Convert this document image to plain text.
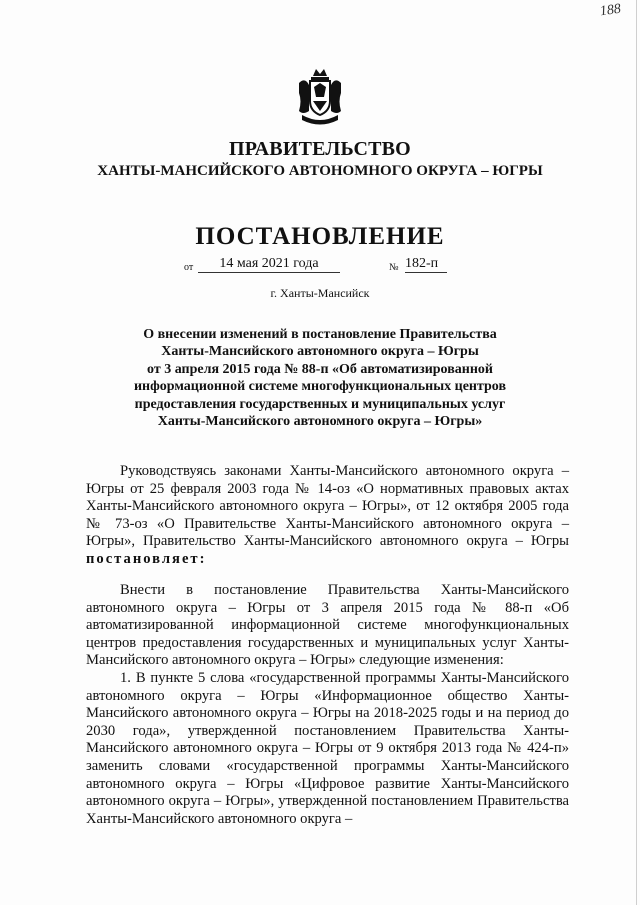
188
ПРАВИТЕЛЬСТВО
ХАНТЫ-МАНСИЙСКОГО АВТОНОМНОГО ОКРУГА – ЮГРЫ
ПОСТАНОВЛЕНИЕ
от	14 мая 2021 года	№ 182-п
г. Ханты-Мансийск
О внесении изменений в постановление Правительства
Ханты-Мансийского автономного округа – Югры
от 3 апреля 2015 года № 88-п «Об автоматизированной
информационной системе многофункциональных центров
предоставления государственных и муниципальных услуг
Ханты-Мансийского автономного округа – Югры»

Руководствуясь законами Ханты-Мансийского автономного округа – Югры от 25 февраля 2003 года № 14-оз «О нормативных правовых актах Ханты-Мансийского автономного округа – Югры», от 12 октября 2005 года № 73-оз «О Правительстве Ханты-Мансийского автономного округа – Югры», Правительство Ханты-Мансийского автономного округа – Югры постановляет:

Внести в постановление Правительства Ханты-Мансийского автономного округа – Югры от 3 апреля 2015 года № 88-п «Об автоматизированной информационной системе многофункциональных центров предоставления государственных и муниципальных услуг Ханты-Мансийского автономного округа – Югры» следующие изменения:

1. В пункте 5 слова «государственной программы Ханты-Мансийского автономного округа – Югры «Информационное общество Ханты-Мансийского автономного округа – Югры на 2018-2025 годы и на период до 2030 года», утвержденной постановлением Правительства Ханты-Мансийского автономного округа – Югры от 9 октября 2013 года № 424-п» заменить словами «государственной программы Ханты-Мансийского автономного округа – Югры «Цифровое развитие Ханты-Мансийского автономного округа – Югры», утвержденной постановлением Правительства Ханты-Мансийского автономного округа –
